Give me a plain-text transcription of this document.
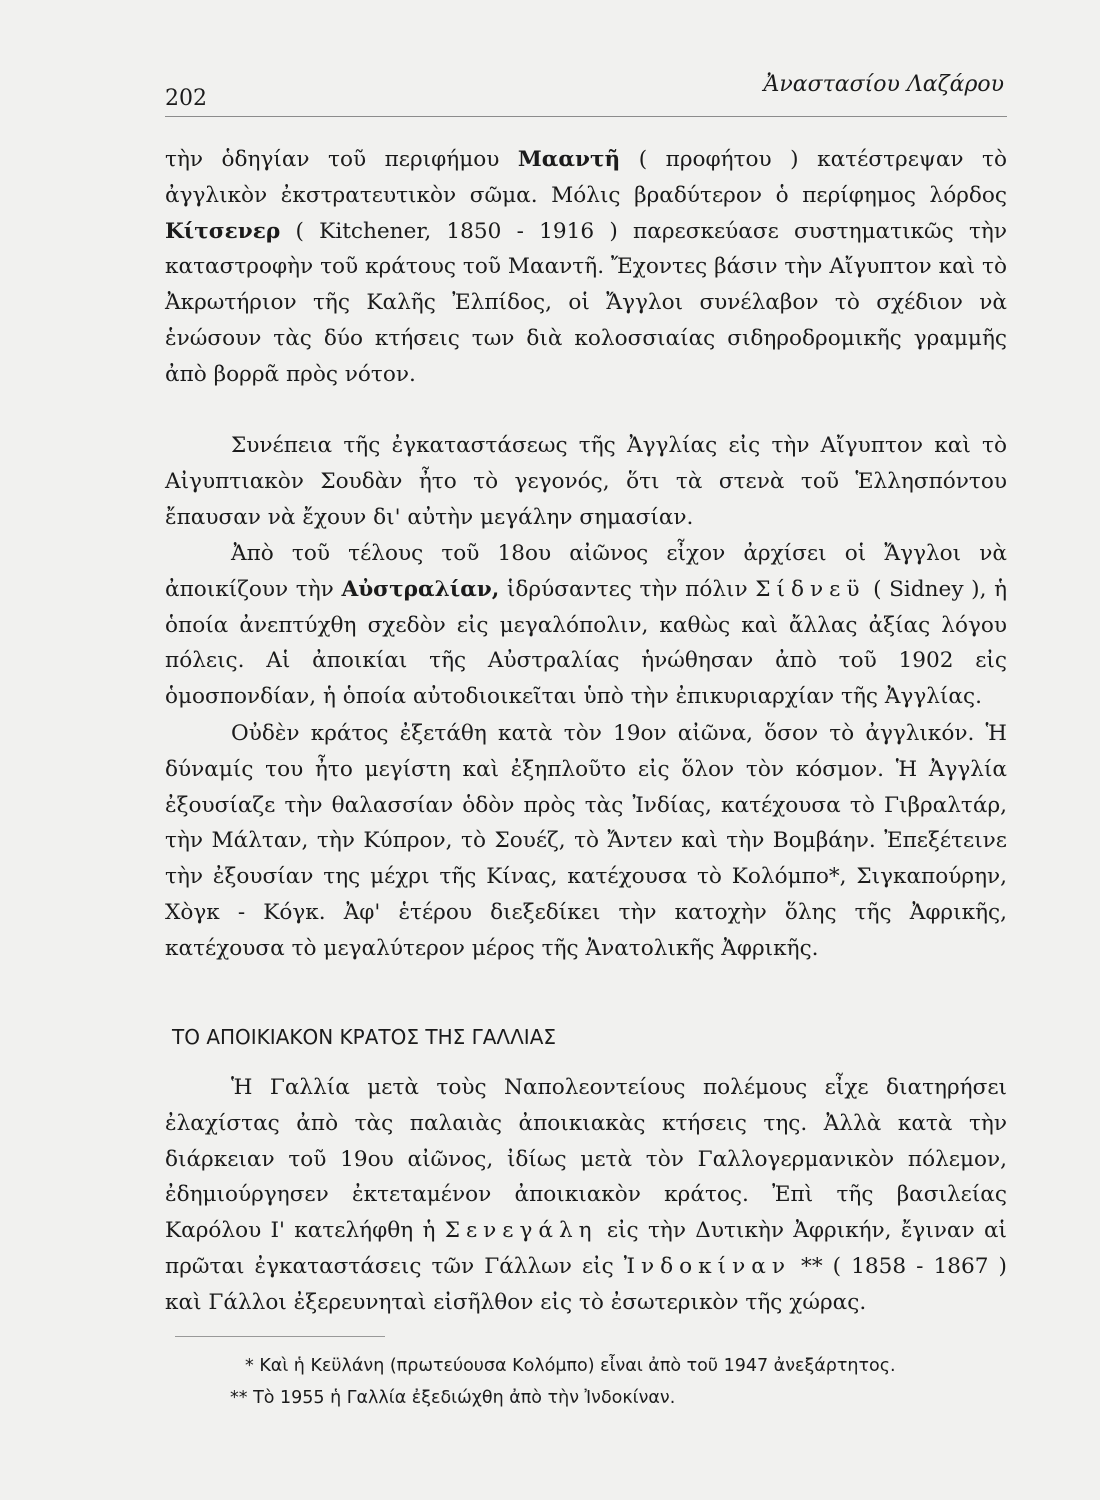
202
Ἀναστασίου Λαζάρου

τὴν ὁδηγίαν τοῦ περιφήμου Μααντῆ ( προφήτου ) κατέστρεψαν τὸ ἀγγλικὸν ἐκστρατευτικὸν σῶμα. Μόλις βραδύτερον ὁ περίφημος λόρδος Κίτσενερ ( Kitchener, 1850 - 1916 ) παρεσκεύασε συστηματικῶς τὴν καταστροφὴν τοῦ κράτους τοῦ Μααντῆ. Ἔχοντες βάσιν τὴν Αἴγυπτον καὶ τὸ Ἀκρωτήριον τῆς Καλῆς Ἐλπίδος, οἱ Ἄγγλοι συνέλαβον τὸ σχέδιον νὰ ἑνώσουν τὰς δύο κτήσεις των διὰ κολοσσιαίας σιδηροδρομικῆς γραμμῆς ἀπὸ βορρᾶ πρὸς νότον.

Συνέπεια τῆς ἐγκαταστάσεως τῆς Ἀγγλίας εἰς τὴν Αἴγυπτον καὶ τὸ Αἰγυπτιακὸν Σουδὰν ἦτο τὸ γεγονός, ὅτι τὰ στενὰ τοῦ Ἑλλησπόντου ἔπαυσαν νὰ ἔχουν δι' αὐτὴν μεγάλην σημασίαν.

Ἀπὸ τοῦ τέλους τοῦ 18ου αἰῶνος εἶχον ἀρχίσει οἱ Ἄγγλοι νὰ ἀποικίζουν τὴν Αὐστραλίαν, ἱδρύσαντες τὴν πόλιν Σίδνεϋ ( Sidney ), ἡ ὁποία ἀνεπτύχθη σχεδὸν εἰς μεγαλόπολιν, καθὼς καὶ ἄλλας ἀξίας λόγου πόλεις. Αἱ ἀποικίαι τῆς Αὐστραλίας ἡνώθησαν ἀπὸ τοῦ 1902 εἰς ὁμοσπονδίαν, ἡ ὁποία αὐτοδιοικεῖται ὑπὸ τὴν ἐπικυριαρχίαν τῆς Ἀγγλίας.

Οὐδὲν κράτος ἐξετάθη κατὰ τὸν 19ον αἰῶνα, ὅσον τὸ ἀγγλικόν. Ἡ δύναμίς του ἦτο μεγίστη καὶ ἐξηπλοῦτο εἰς ὅλον τὸν κόσμον. Ἡ Ἀγγλία ἐξουσίαζε τὴν θαλασσίαν ὁδὸν πρὸς τὰς Ἰνδίας, κατέχουσα τὸ Γιβραλτάρ, τὴν Μάλταν, τὴν Κύπρον, τὸ Σουέζ, τὸ Ἄντεν καὶ τὴν Βομβάην. Ἐπεξέτεινε τὴν ἐξουσίαν της μέχρι τῆς Κίνας, κατέχουσα τὸ Κολόμπο*, Σιγκαπούρην, Χὸγκ - Κόγκ. Ἀφ' ἑτέρου διεξεδίκει τὴν κατοχὴν ὅλης τῆς Ἀφρικῆς, κατέχουσα τὸ μεγαλύτερον μέρος τῆς Ἀνατολικῆς Ἀφρικῆς.

ΤΟ ΑΠΟΙΚΙΑΚΟΝ ΚΡΑΤΟΣ ΤΗΣ ΓΑΛΛΙΑΣ

Ἡ Γαλλία μετὰ τοὺς Ναπολεοντείους πολέμους εἶχε διατηρήσει ἐλαχίστας ἀπὸ τὰς παλαιὰς ἀποικιακὰς κτήσεις της. Ἀλλὰ κατὰ τὴν διάρκειαν τοῦ 19ου αἰῶνος, ἰδίως μετὰ τὸν Γαλλογερμανικὸν πόλεμον, ἐδημιούργησεν ἐκτεταμένον ἀποικιακὸν κράτος. Ἐπὶ τῆς βασιλείας Καρόλου Ι' κατελήφθη ἡ Σενεγάλη εἰς τὴν Δυτικὴν Ἀφρικήν, ἔγιναν αἱ πρῶται ἐγκαταστάσεις τῶν Γάλλων εἰς Ἰνδοκίναν ** ( 1858 - 1867 ) καὶ Γάλλοι ἐξερευνηταὶ εἰσῆλθον εἰς τὸ ἐσωτερικὸν τῆς χώρας.

* Καὶ ἡ Κεϋλάνη (πρωτεύουσα Κολόμπο) εἶναι ἀπὸ τοῦ 1947 ἀνεξάρτητος.
** Τὸ 1955 ἡ Γαλλία ἐξεδιώχθη ἀπὸ τὴν Ἰνδοκίναν.
